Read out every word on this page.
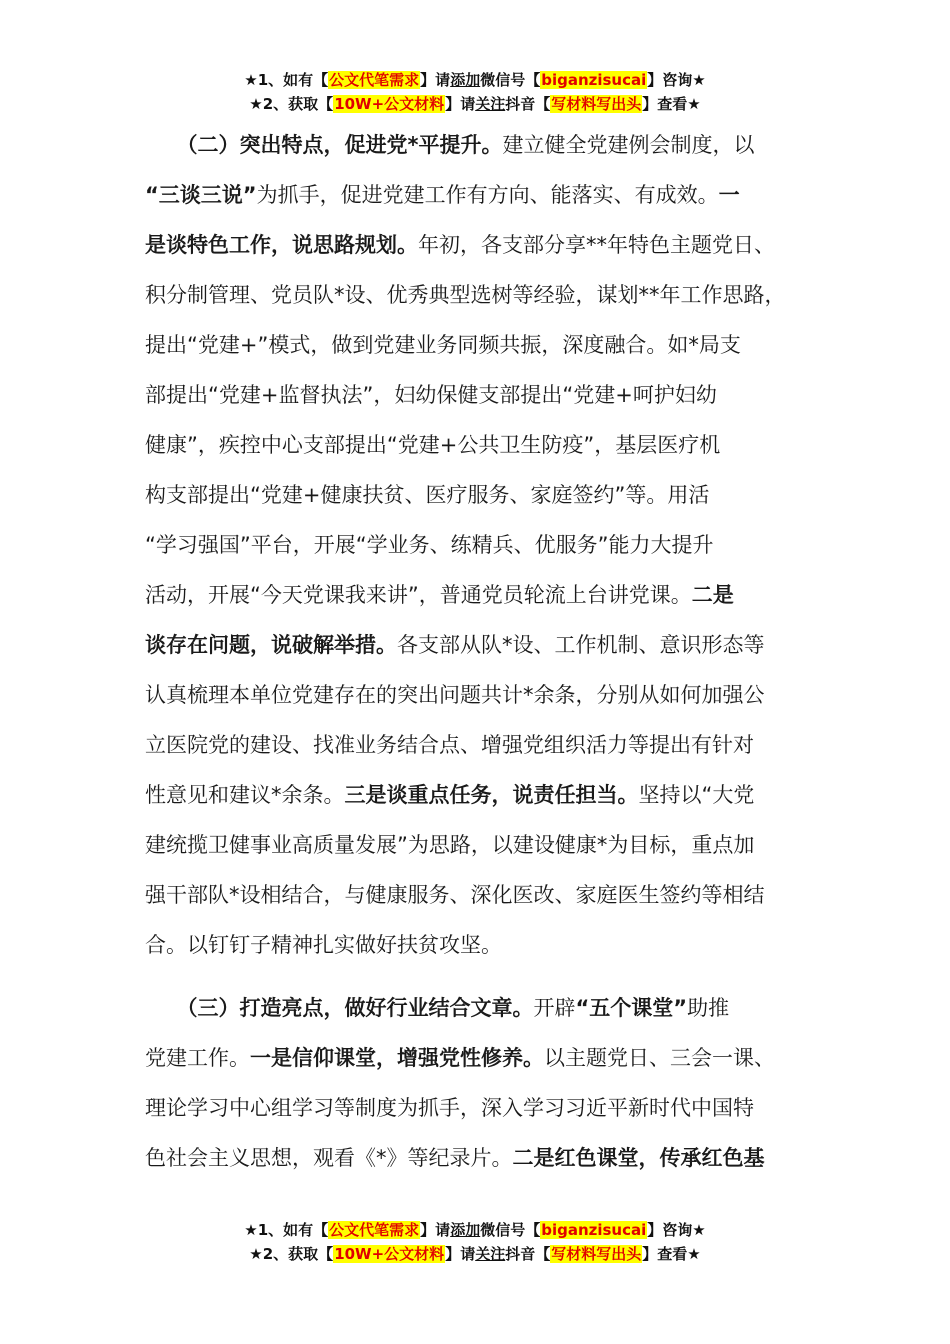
★1、如有【公文代笔需求】请添加微信号【biganzisucai】咨询★
★2、获取【10W+公文材料】请关注抖音【写材料写出头】查看★
　　（二）突出特点，促进党*平提升。建立健全党建例会制度，以
“三谈三说”为抓手，促进党建工作有方向、能落实、有成效。一
是谈特色工作，说思路规划。年初，各支部分享**年特色主题党日、
积分制管理、党员队*设、优秀典型选树等经验，谋划**年工作思路，
提出“党建+”模式，做到党建业务同频共振，深度融合。如*局支
部提出“党建+监督执法”，妇幼保健支部提出“党建+呵护妇幼
健康”，疾控中心支部提出“党建+公共卫生防疫”，基层医疗机
构支部提出“党建+健康扶贫、医疗服务、家庭签约”等。用活
“学习强国”平台，开展“学业务、练精兵、优服务”能力大提升
活动，开展“今天党课我来讲”，普通党员轮流上台讲党课。二是
谈存在问题，说破解举措。各支部从队*设、工作机制、意识形态等
认真梳理本单位党建存在的突出问题共计*余条，分别从如何加强公
立医院党的建设、找准业务结合点、增强党组织活力等提出有针对
性意见和建议*余条。三是谈重点任务，说责任担当。坚持以“大党
建统揽卫健事业高质量发展”为思路，以建设健康*为目标，重点加
强干部队*设相结合，与健康服务、深化医改、家庭医生签约等相结
合。以钉钉子精神扎实做好扶贫攻坚。
　　（三）打造亮点，做好行业结合文章。开辟“五个课堂”助推
党建工作。一是信仰课堂，增强党性修养。以主题党日、三会一课、
理论学习中心组学习等制度为抓手，深入学习习近平新时代中国特
色社会主义思想，观看《*》等纪录片。二是红色课堂，传承红色基
★1、如有【公文代笔需求】请添加微信号【biganzisucai】咨询★
★2、获取【10W+公文材料】请关注抖音【写材料写出头】查看★
